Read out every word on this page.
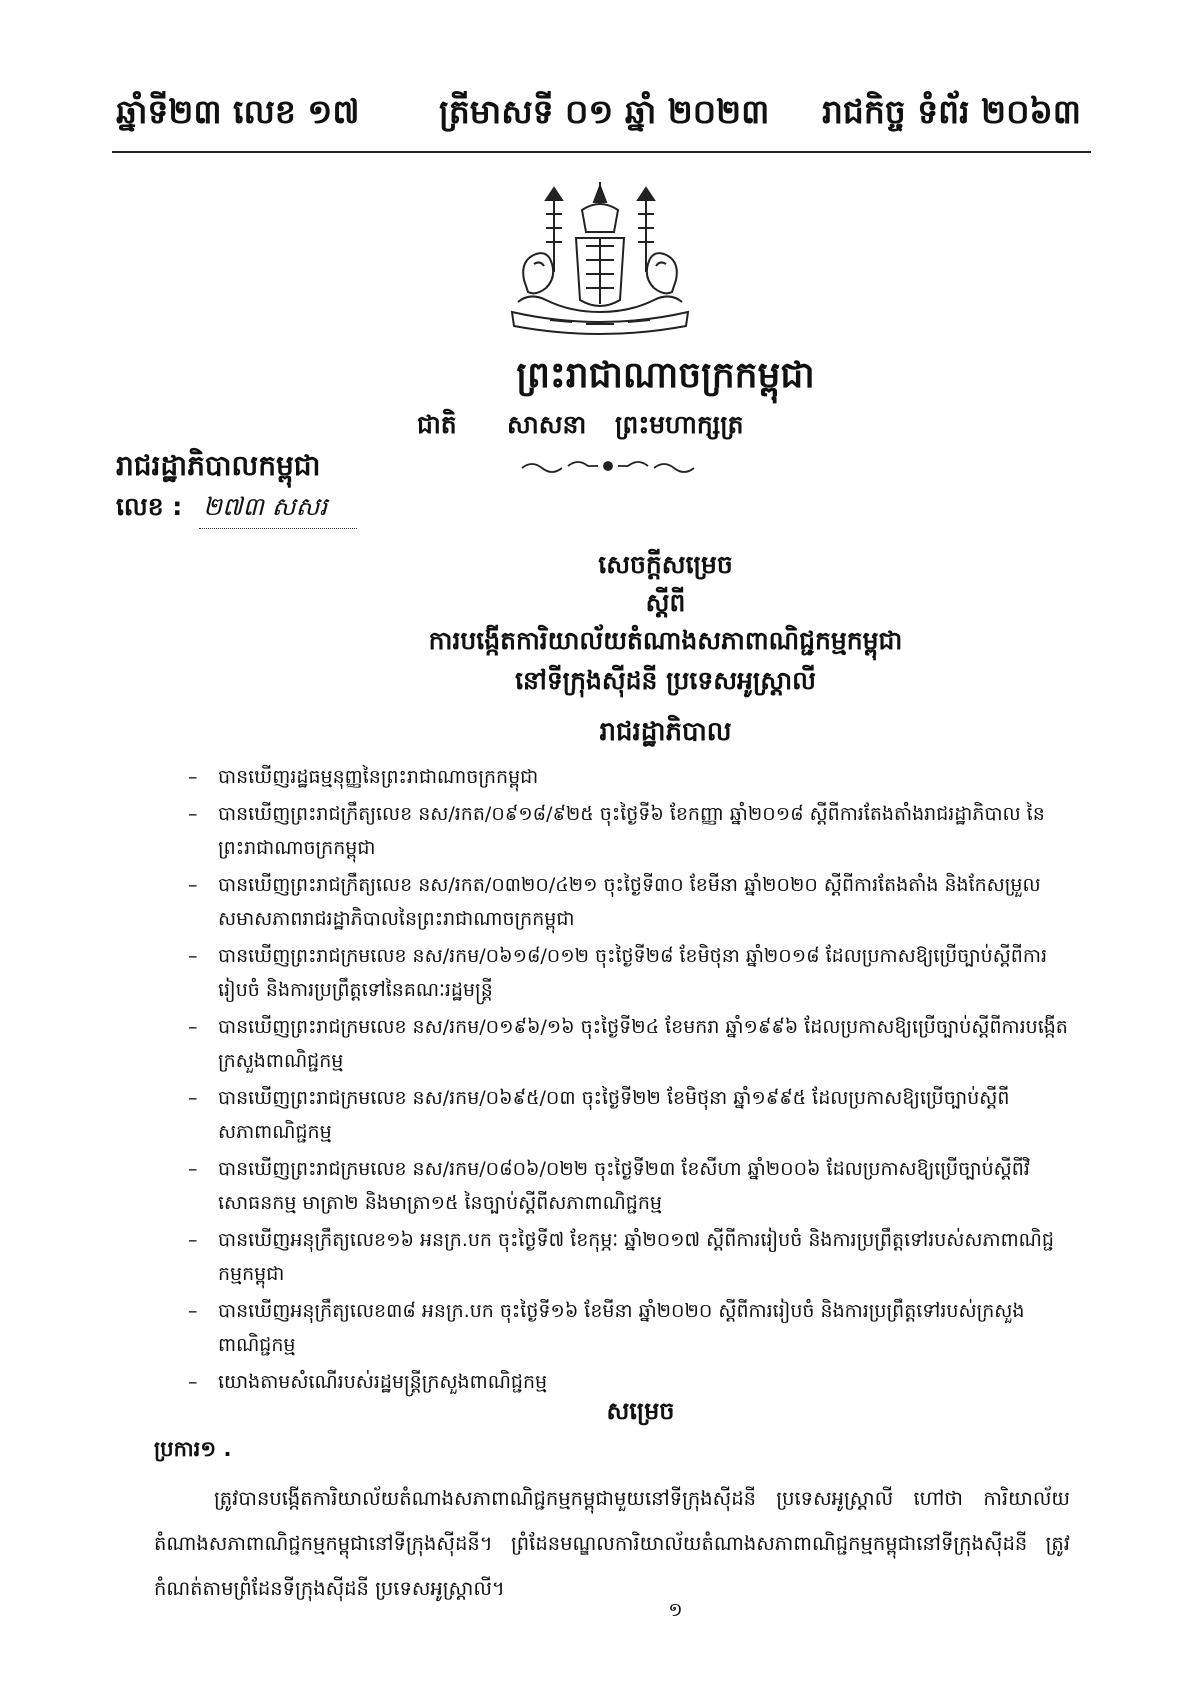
ឆ្នាំទី២៣ លេខ ១៧ ត្រីមាសទី ០១ ឆ្នាំ ២០២៣ រាជកិច្ច ទំព័រ ២០៦៣
ព្រះរាជាណាចក្រកម្ពុជា
ជាតិ សាសនា ព្រះមហាក្សត្រ
រាជរដ្ឋាភិបាលកម្ពុជា
លេខ : ២៧៣ សសរ
សេចក្តីសម្រេច
ស្តីពី
ការបង្កើតការិយាល័យតំណាងសភាពាណិជ្ជកម្មកម្ពុជា
នៅទីក្រុងស៊ីដនី ប្រទេសអូស្ត្រាលី
រាជរដ្ឋាភិបាល
– បានឃើញរដ្ឋធម្មនុញ្ញនៃព្រះរាជាណាចក្រកម្ពុជា
– បានឃើញព្រះរាជក្រឹត្យលេខ នស/រកត/០៩១៨/៩២៥ ចុះថ្ងៃទី៦ ខែកញ្ញា ឆ្នាំ២០១៨ ស្តីពីការតែងតាំងរាជរដ្ឋាភិបាល នៃព្រះរាជាណាចក្រកម្ពុជា
– បានឃើញព្រះរាជក្រឹត្យលេខ នស/រកត/០៣២០/៤២១ ចុះថ្ងៃទី៣០ ខែមីនា ឆ្នាំ២០២០ ស្តីពីការតែងតាំង និងកែសម្រួលសមាសភាពរាជរដ្ឋាភិបាលនៃព្រះរាជាណាចក្រកម្ពុជា
– បានឃើញព្រះរាជក្រមលេខ នស/រកម/០៦១៨/០១២ ចុះថ្ងៃទី២៨ ខែមិថុនា ឆ្នាំ២០១៨ ដែលប្រកាសឱ្យប្រើច្បាប់ស្តីពីការរៀបចំ និងការប្រព្រឹត្តទៅនៃគណៈរដ្ឋមន្ត្រី
– បានឃើញព្រះរាជក្រមលេខ នស/រកម/០១៩៦/១៦ ចុះថ្ងៃទី២៤ ខែមករា ឆ្នាំ១៩៩៦ ដែលប្រកាសឱ្យប្រើច្បាប់ស្តីពីការបង្កើតក្រសួងពាណិជ្ជកម្ម
– បានឃើញព្រះរាជក្រមលេខ នស/រកម/០៦៩៥/០៣ ចុះថ្ងៃទី២២ ខែមិថុនា ឆ្នាំ១៩៩៥ ដែលប្រកាសឱ្យប្រើច្បាប់ស្តីពីសភាពាណិជ្ជកម្ម
– បានឃើញព្រះរាជក្រមលេខ នស/រកម/០៨០៦/០២២ ចុះថ្ងៃទី២៣ ខែសីហា ឆ្នាំ២០០៦ ដែលប្រកាសឱ្យប្រើច្បាប់ស្តីពីវិសោធនកម្ម មាត្រា២ និងមាត្រា១៥ នៃច្បាប់ស្តីពីសភាពាណិជ្ជកម្ម
– បានឃើញអនុក្រឹត្យលេខ១៦ អនក្រ.បក ចុះថ្ងៃទី៧ ខែកុម្ភៈ ឆ្នាំ២០១៧ ស្តីពីការរៀបចំ និងការប្រព្រឹត្តទៅរបស់សភាពាណិជ្ជកម្មកម្ពុជា
– បានឃើញអនុក្រឹត្យលេខ៣៨ អនក្រ.បក ចុះថ្ងៃទី១៦ ខែមីនា ឆ្នាំ២០២០ ស្តីពីការរៀបចំ និងការប្រព្រឹត្តទៅរបស់ក្រសួងពាណិជ្ជកម្ម
– យោងតាមសំណើរបស់រដ្ឋមន្ត្រីក្រសួងពាណិជ្ជកម្ម
សម្រេច
ប្រការ១ .
ត្រូវបានបង្កើតការិយាល័យតំណាងសភាពាណិជ្ជកម្មកម្ពុជាមួយនៅទីក្រុងស៊ីដនី ប្រទេសអូស្ត្រាលី ហៅថា ការិយាល័យតំណាងសភាពាណិជ្ជកម្មកម្ពុជានៅទីក្រុងស៊ីដនី។ ព្រំដែនមណ្ឌលការិយាល័យតំណាងសភាពាណិជ្ជកម្មកម្ពុជានៅទីក្រុងស៊ីដនី ត្រូវកំណត់តាមព្រំដែនទីក្រុងស៊ីដនី ប្រទេសអូស្ត្រាលី។
១
